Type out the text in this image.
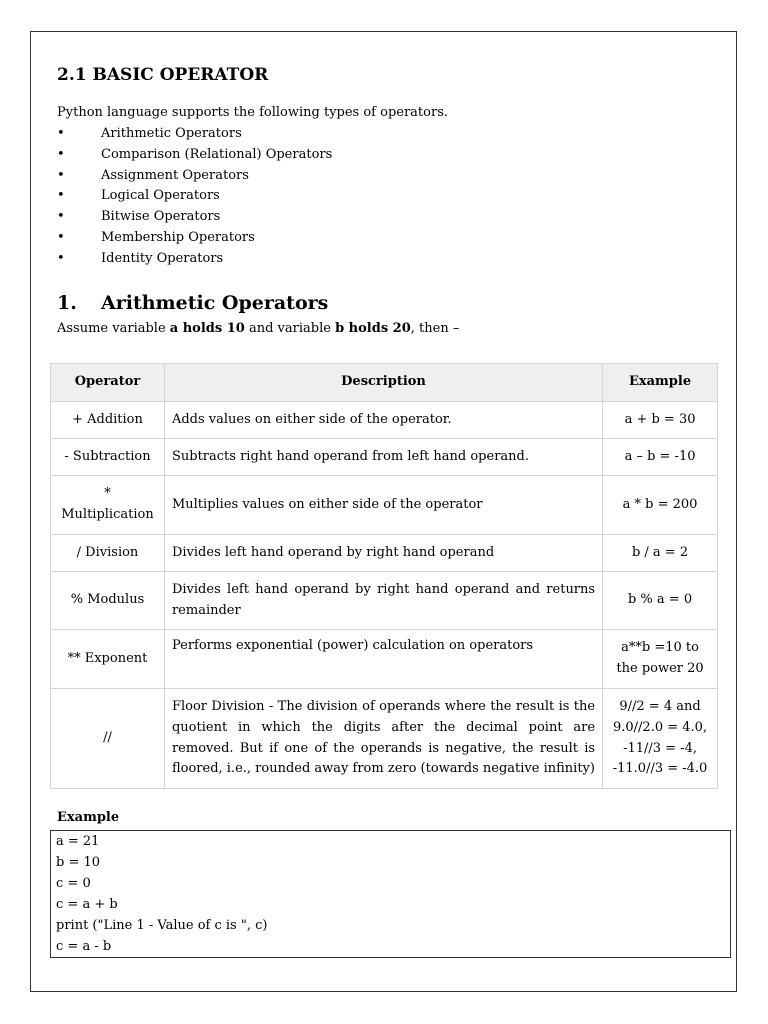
2.1 BASIC OPERATOR
Python language supports the following types of operators.
•	Arithmetic Operators
•	Comparison (Relational) Operators
•	Assignment Operators
•	Logical Operators
•	Bitwise Operators
•	Membership Operators
•	Identity Operators
1. Arithmetic Operators
Assume variable a holds 10 and variable b holds 20, then –
Operator	Description	Example
+ Addition	Adds values on either side of the operator.	a + b = 30
- Subtraction	Subtracts right hand operand from left hand operand.	a – b = -10
*
Multiplication	Multiplies values on either side of the operator	a * b = 200
/ Division	Divides left hand operand by right hand operand	b / a = 2
% Modulus	Divides left hand operand by right hand operand and returns remainder	b % a = 0
** Exponent	Performs exponential (power) calculation on operators	a**b =10 to the power 20
//	Floor Division - The division of operands where the result is the quotient in which the digits after the decimal point are removed. But if one of the operands is negative, the result is floored, i.e., rounded away from zero (towards negative infinity)	9//2 = 4 and 9.0//2.0 = 4.0, -11//3 = -4, -11.0//3 = -4.0
Example
a = 21
b = 10
c = 0
c = a + b
print ("Line 1 - Value of c is ", c)
c = a - b
